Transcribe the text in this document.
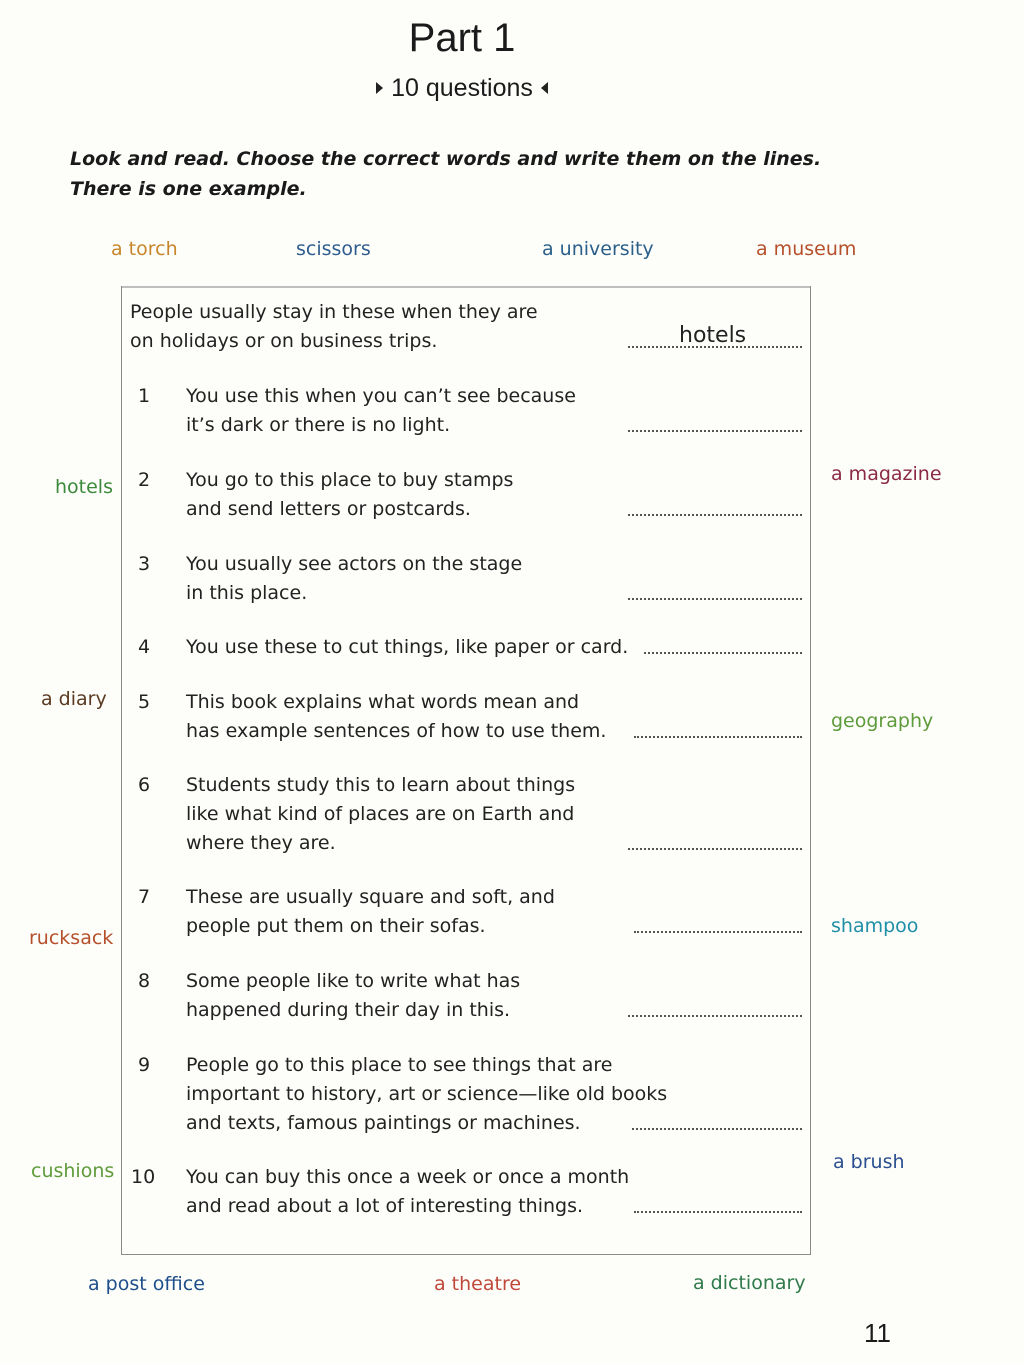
Part 1
10 questions
Look and read. Choose the correct words and write them on the lines. There is one example.
a torch	scissors	a university	a museum
hotels
a diary
rucksack
cushions
a magazine
geography
shampoo
a brush
a post office	a theatre	a dictionary
People usually stay in these when they are
on holidays or on business trips.	hotels
1 You use this when you can’t see because
it’s dark or there is no light.
2 You go to this place to buy stamps
and send letters or postcards.
3 You usually see actors on the stage
in this place.
4 You use these to cut things, like paper or card.
5 This book explains what words mean and
has example sentences of how to use them.
6 Students study this to learn about things
like what kind of places are on Earth and
where they are.
7 These are usually square and soft, and
people put them on their sofas.
8 Some people like to write what has
happened during their day in this.
9 People go to this place to see things that are
important to history, art or science—like old books
and texts, famous paintings or machines.
10 You can buy this once a week or once a month
and read about a lot of interesting things.
11
